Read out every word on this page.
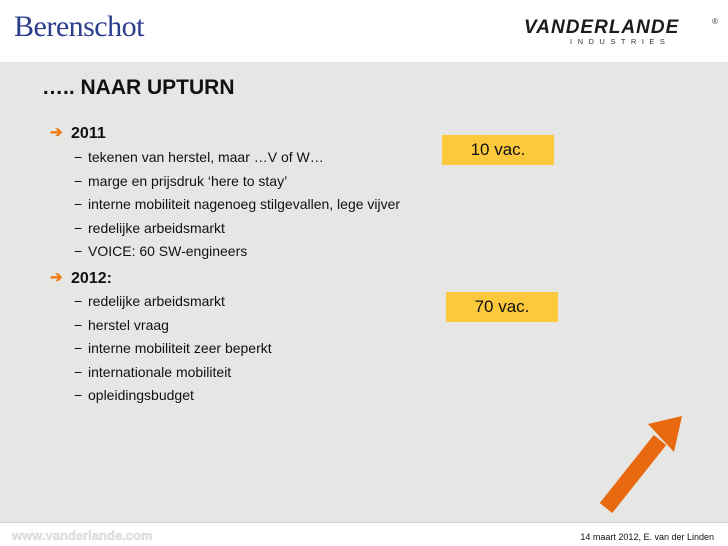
Berenschot	VANDERLANDE
INDUSTRIES
®
….. NAAR UPTURN
➔ 2011
− tekenen van herstel, maar …V of W…
− marge en prijsdruk ‘here to stay’
− interne mobiliteit nagenoeg stilgevallen, lege vijver
− redelijke arbeidsmarkt
− VOICE: 60 SW-engineers
10 vac.
➔ 2012:
− redelijke arbeidsmarkt
− herstel vraag
− interne mobiliteit zeer beperkt
− internationale mobiliteit
− opleidingsbudget
70 vac.
www.vanderlande.com	14 maart 2012, E. van der Linden
